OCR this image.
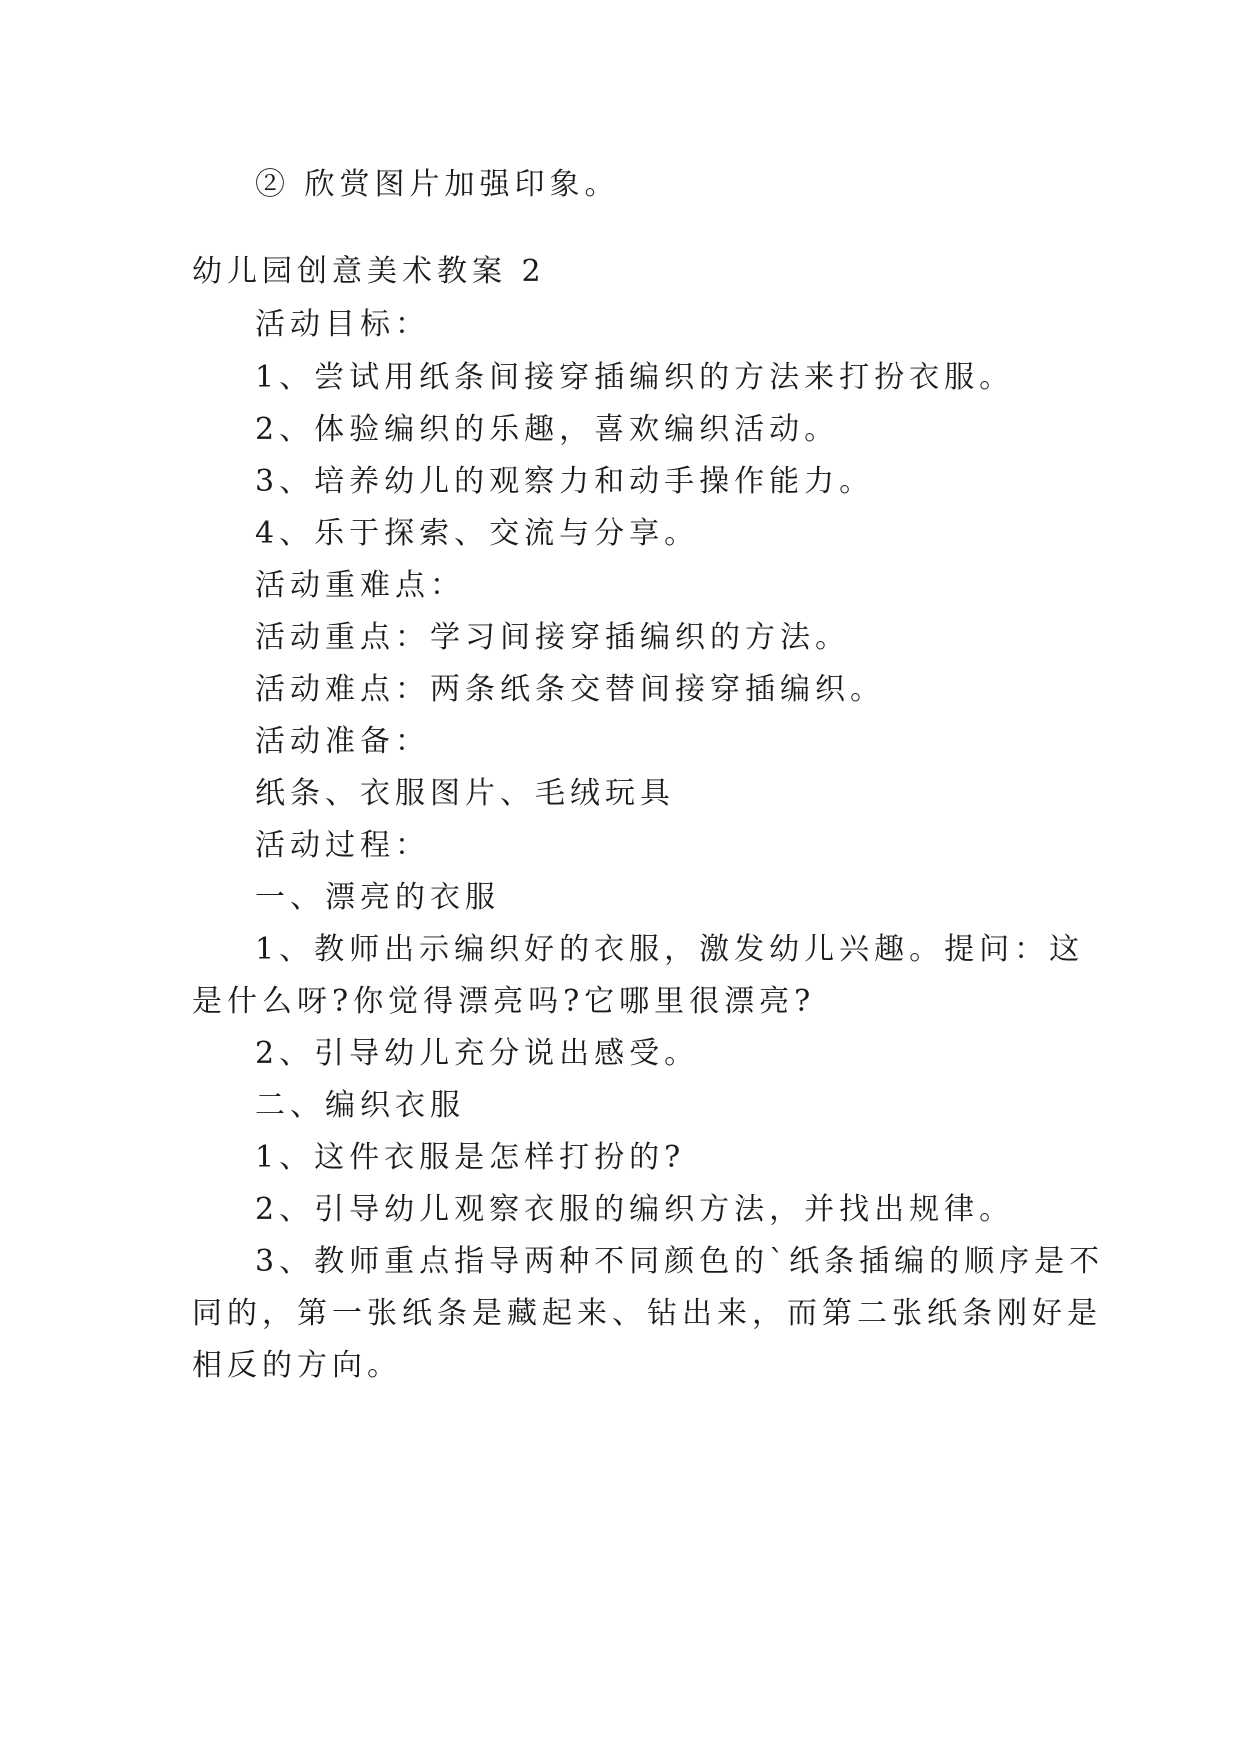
② 欣赏图片加强印象。
幼儿园创意美术教案 2
活动目标：
1、尝试用纸条间接穿插编织的方法来打扮衣服。
2、体验编织的乐趣，喜欢编织活动。
3、培养幼儿的观察力和动手操作能力。
4、乐于探索、交流与分享。
活动重难点：
活动重点：学习间接穿插编织的方法。
活动难点：两条纸条交替间接穿插编织。
活动准备：
纸条、衣服图片、毛绒玩具
活动过程：
一、漂亮的衣服
1、教师出示编织好的衣服，激发幼儿兴趣。提问：这
是什么呀?你觉得漂亮吗?它哪里很漂亮?
2、引导幼儿充分说出感受。
二、编织衣服
1、这件衣服是怎样打扮的?
2、引导幼儿观察衣服的编织方法，并找出规律。
3、教师重点指导两种不同颜色的`纸条插编的顺序是不
同的，第一张纸条是藏起来、钻出来，而第二张纸条刚好是
相反的方向。
